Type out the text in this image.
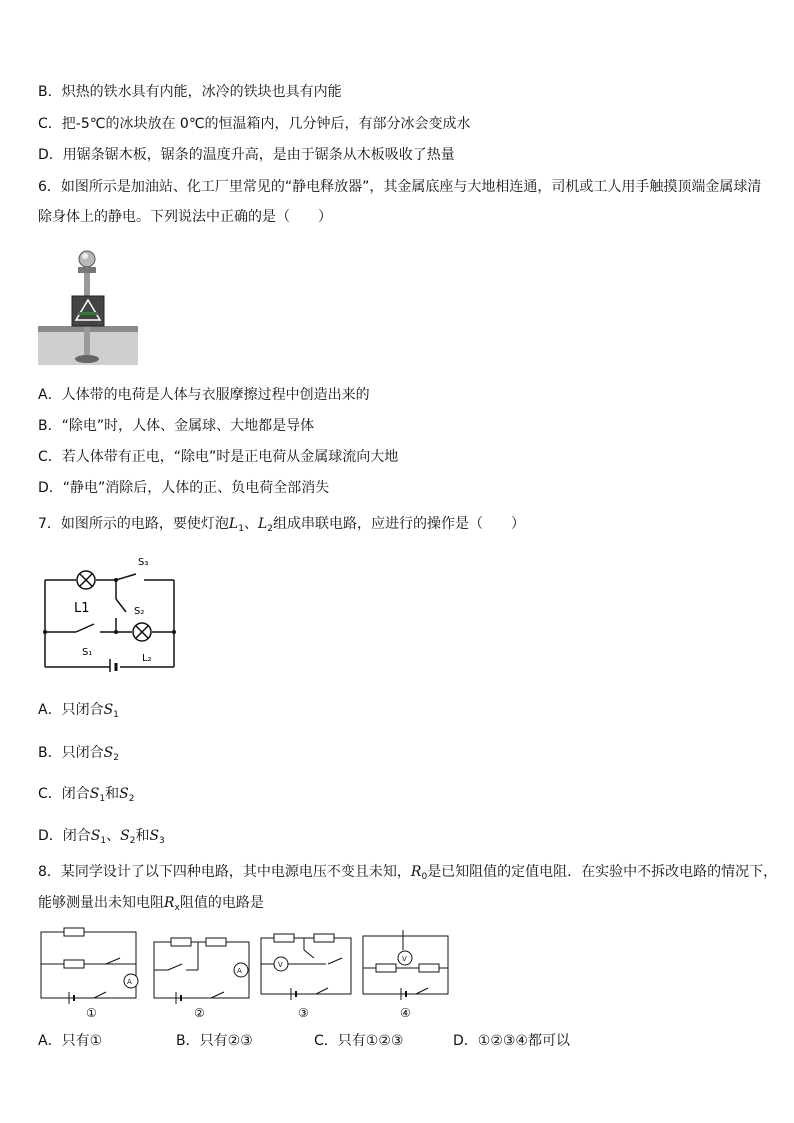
B．炽热的铁水具有内能，冰冷的铁块也具有内能
C．把-5℃的冰块放在 0℃的恒温箱内，几分钟后，有部分冰会变成水
D．用锯条锯木板，锯条的温度升高，是由于锯条从木板吸收了热量
6．如图所示是加油站、化工厂里常见的“静电释放器”，其金属底座与大地相连通，司机或工人用手触摸顶端金属球清
除身体上的静电。下列说法中正确的是（　　）
A．人体带的电荷是人体与衣服摩擦过程中创造出来的
B．“除电”时，人体、金属球、大地都是导体
C．若人体带有正电，“除电”时是正电荷从金属球流向大地
D．“静电”消除后，人体的正、负电荷全部消失
7．如图所示的电路，要使灯泡$L_1$、$L_2$组成串联电路，应进行的操作是（　　）
S₃
L1	S₂
S₁
L₂
A．只闭合$S_1$
B．只闭合$S_2$
C．闭合$S_1$和$S_2$
D．闭合$S_1$、$S_2$和$S_3$
8．某同学设计了以下四种电路，其中电源电压不变且未知，$R_0$是已知阻值的定值电阻．在实验中不拆改电路的情况下，
能够测量出未知电阻$R_x$阻值的电路是
A
A
V
V
①	②	③	④
A．只有①	B．只有②③	C．只有①②③	D．①②③④都可以
